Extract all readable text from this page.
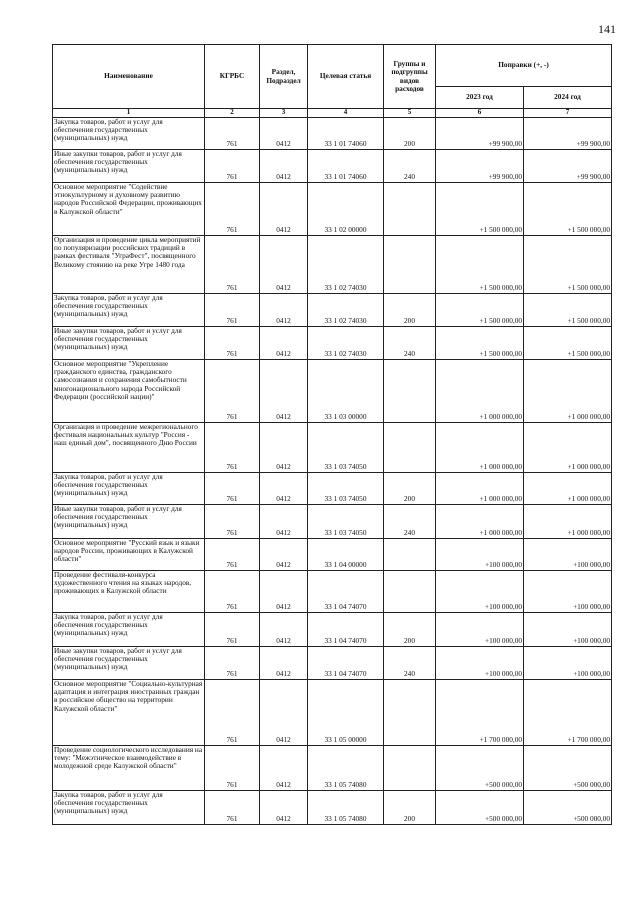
141
Наименование	КГРБС	Раздел, Подраздел	Целевая статья	Группы и подгруппы видов расходов	Поправки (+, -)	
					2023 год	2024 год
1	2	3	4	5	6	7
Закупка товаров, работ и услуг для обеспечения государственных (муниципальных) нужд	761	0412	33 1 01 74060	200	+99 900,00	+99 900,00
Иные закупки товаров, работ и услуг для обеспечения государственных (муниципальных) нужд	761	0412	33 1 01 74060	240	+99 900,00	+99 900,00
Основное мероприятие "Содействие этнокультурному и духовному развитию народов Российской Федерации, проживающих в Калужской области"	761	0412	33 1 02 00000		+1 500 000,00	+1 500 000,00
Организация и проведение цикла мероприятий по популяризации российских традиций в рамках фестиваля "УграФест", посвященного Великому стоянию на реке Угре 1480 года	761	0412	33 1 02 74030		+1 500 000,00	+1 500 000,00
Закупка товаров, работ и услуг для обеспечения государственных (муниципальных) нужд	761	0412	33 1 02 74030	200	+1 500 000,00	+1 500 000,00
Иные закупки товаров, работ и услуг для обеспечения государственных (муниципальных) нужд	761	0412	33 1 02 74030	240	+1 500 000,00	+1 500 000,00
Основное мероприятие "Укрепление гражданского единства, гражданского самосознания и сохранения самобытности многонационального народа Российской Федерации (российской нации)"	761	0412	33 1 03 00000		+1 000 000,00	+1 000 000,00
Организация и проведение межрегионального фестиваля национальных культур "Россия - наш единый дом", посвященного Дню России	761	0412	33 1 03 74050		+1 000 000,00	+1 000 000,00
Закупка товаров, работ и услуг для обеспечения государственных (муниципальных) нужд	761	0412	33 1 03 74050	200	+1 000 000,00	+1 000 000,00
Иные закупки товаров, работ и услуг для обеспечения государственных (муниципальных) нужд	761	0412	33 1 03 74050	240	+1 000 000,00	+1 000 000,00
Основное мероприятие "Русский язык и языки народов России, проживающих в Калужской области"	761	0412	33 1 04 00000		+100 000,00	+100 000,00
Проведение фестиваля-конкурса художественного чтения на языках народов, проживающих в Калужской области	761	0412	33 1 04 74070		+100 000,00	+100 000,00
Закупка товаров, работ и услуг для обеспечения государственных (муниципальных) нужд	761	0412	33 1 04 74070	200	+100 000,00	+100 000,00
Иные закупки товаров, работ и услуг для обеспечения государственных (муниципальных) нужд	761	0412	33 1 04 74070	240	+100 000,00	+100 000,00
Основное мероприятие "Социально-культурная адаптация и интеграция иностранных граждан в российское общество на территории Калужской области"	761	0412	33 1 05 00000		+1 700 000,00	+1 700 000,00
Проведение социологического исследования на тему: "Межэтническое взаимодействие в молодежной среде Калужской области"	761	0412	33 1 05 74080		+500 000,00	+500 000,00
Закупка товаров, работ и услуг для обеспечения государственных (муниципальных) нужд	761	0412	33 1 05 74080	200	+500 000,00	+500 000,00
